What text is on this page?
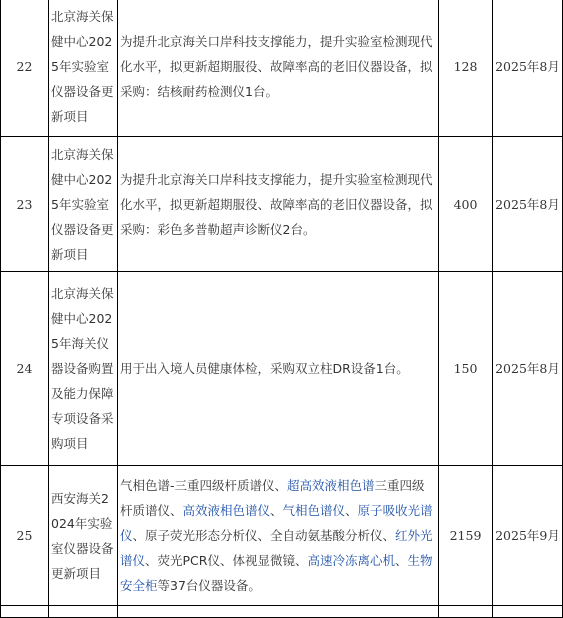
22	北京海关保健中心2025年实验室仪器设备更新项目	为提升北京海关口岸科技支撑能力，提升实验室检测现代化水平，拟更新超期服役、故障率高的老旧仪器设备，拟采购：结核耐药检测仪1台。	128	2025年8月
23	北京海关保健中心2025年实验室仪器设备更新项目	为提升北京海关口岸科技支撑能力，提升实验室检测现代化水平，拟更新超期服役、故障率高的老旧仪器设备，拟采购：彩色多普勒超声诊断仪2台。	400	2025年8月
24	北京海关保健中心2025年海关仪器设备购置及能力保障专项设备采购项目	用于出入境人员健康体检，采购双立柱DR设备1台。	150	2025年8月
25	西安海关2024年实验室仪器设备更新项目	气相色谱-三重四级杆质谱仪、超高效液相色谱三重四级杆质谱仪、高效液相色谱仪、气相色谱仪、原子吸收光谱仪、原子荧光形态分析仪、全自动氨基酸分析仪、红外光谱仪、荧光PCR仪、体视显微镜、高速冷冻离心机、生物安全柜等37台仪器设备。	2159	2025年9月
